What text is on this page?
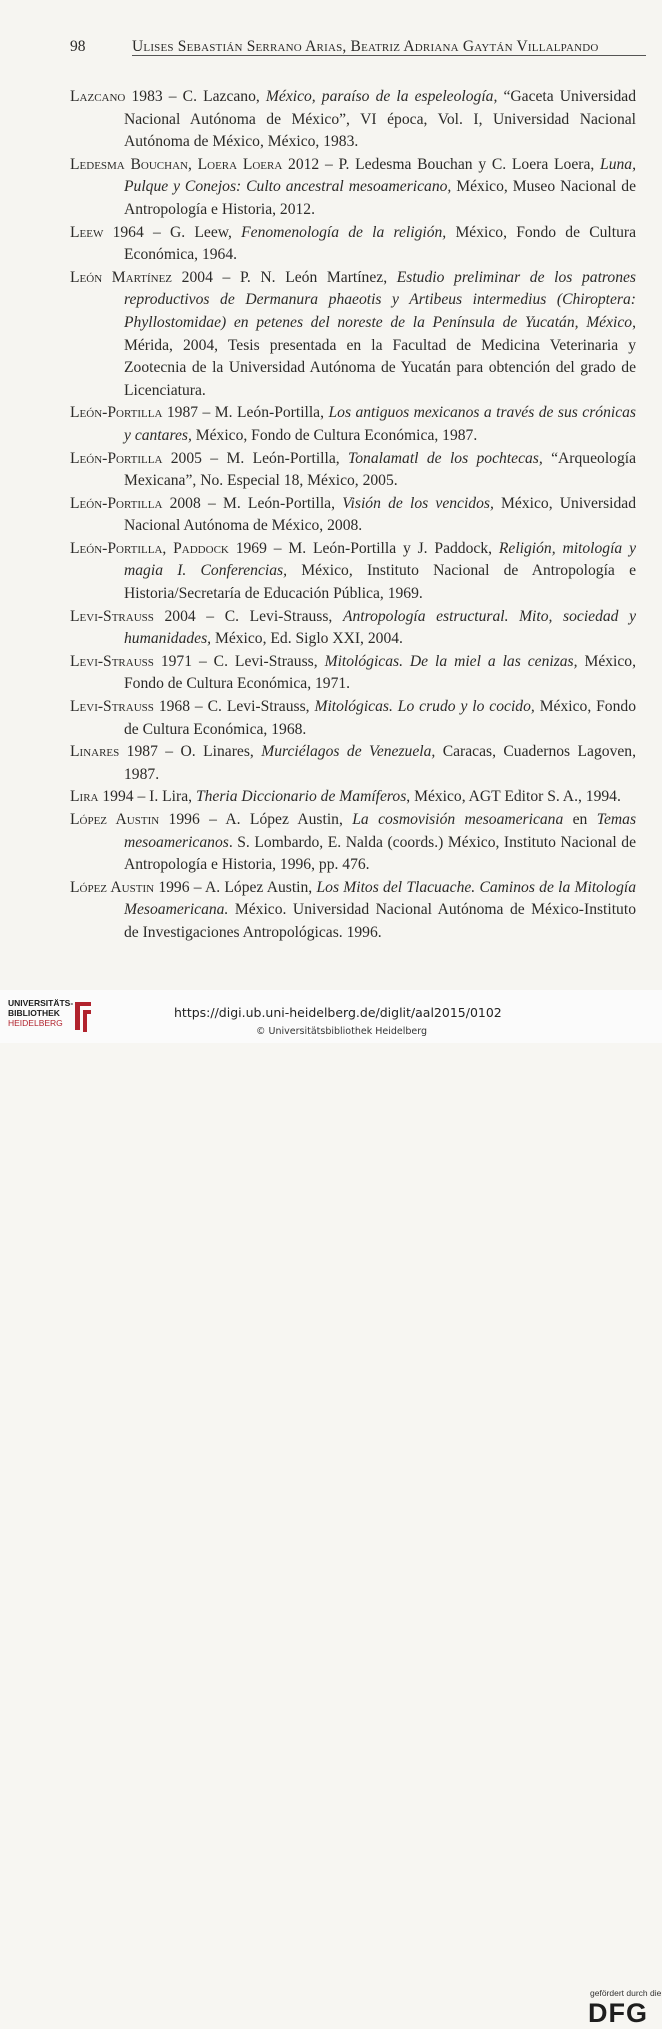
98	Ulises Sebastián Serrano Arias, Beatriz Adriana Gaytán Villalpando

Lazcano 1983 – C. Lazcano, México, paraíso de la espeleología, “Gaceta Universidad Nacional Autónoma de México”, VI época, Vol. I, Universidad Nacional Autónoma de México, México, 1983.

Ledesma Bouchan, Loera Loera 2012 – P. Ledesma Bouchan y C. Loera Loera, Luna, Pulque y Conejos: Culto ancestral mesoamericano, México, Museo Nacional de Antropología e Historia, 2012.

Leew 1964 – G. Leew, Fenomenología de la religión, México, Fondo de Cultura Económica, 1964.

León Martínez 2004 – P. N. León Martínez, Estudio preliminar de los patrones reproductivos de Dermanura phaeotis y Artibeus intermedius (Chiroptera: Phyllostomidae) en petenes del noreste de la Península de Yucatán, México, Mérida, 2004, Tesis presentada en la Facultad de Medicina Veterinaria y Zootecnia de la Universidad Autónoma de Yucatán para obtención del grado de Licenciatura.

León-Portilla 1987 – M. León-Portilla, Los antiguos mexicanos a través de sus crónicas y cantares, México, Fondo de Cultura Económica, 1987.

León-Portilla 2005 – M. León-Portilla, Tonalamatl de los pochtecas, “Arqueología Mexicana”, No. Especial 18, México, 2005.

León-Portilla 2008 – M. León-Portilla, Visión de los vencidos, México, Universidad Nacional Autónoma de México, 2008.

León-Portilla, Paddock 1969 – M. León-Portilla y J. Paddock, Religión, mitología y magia I. Conferencias, México, Instituto Nacional de Antropología e Historia/Secretaría de Educación Pública, 1969.

Levi-Strauss 2004 – C. Levi-Strauss, Antropología estructural. Mito, sociedad y humanidades, México, Ed. Siglo XXI, 2004.

Levi-Strauss 1971 – C. Levi-Strauss, Mitológicas. De la miel a las cenizas, México, Fondo de Cultura Económica, 1971.

Levi-Strauss 1968 – C. Levi-Strauss, Mitológicas. Lo crudo y lo cocido, México, Fondo de Cultura Económica, 1968.

Linares 1987 – O. Linares, Murciélagos de Venezuela, Caracas, Cuadernos Lagoven, 1987.

Lira 1994 – I. Lira, Theria Diccionario de Mamíferos, México, AGT Editor S. A., 1994.

López Austin 1996 – A. López Austin, La cosmovisión mesoamericana en Temas mesoamericanos. S. Lombardo, E. Nalda (coords.) México, Instituto Nacional de Antropología e Historia, 1996, pp. 476.

López Austin 1996 – A. López Austin, Los Mitos del Tlacuache. Caminos de la Mitología Mesoamericana. México. Universidad Nacional Autónoma de México-Instituto de Investigaciones Antropológicas. 1996.

UNIVERSITÄTS-
BIBLIOTHEK
HEIDELBERG
gefördert durch die
DFG
https://digi.ub.uni-heidelberg.de/diglit/aal2015/0102
© Universitätsbibliothek Heidelberg
